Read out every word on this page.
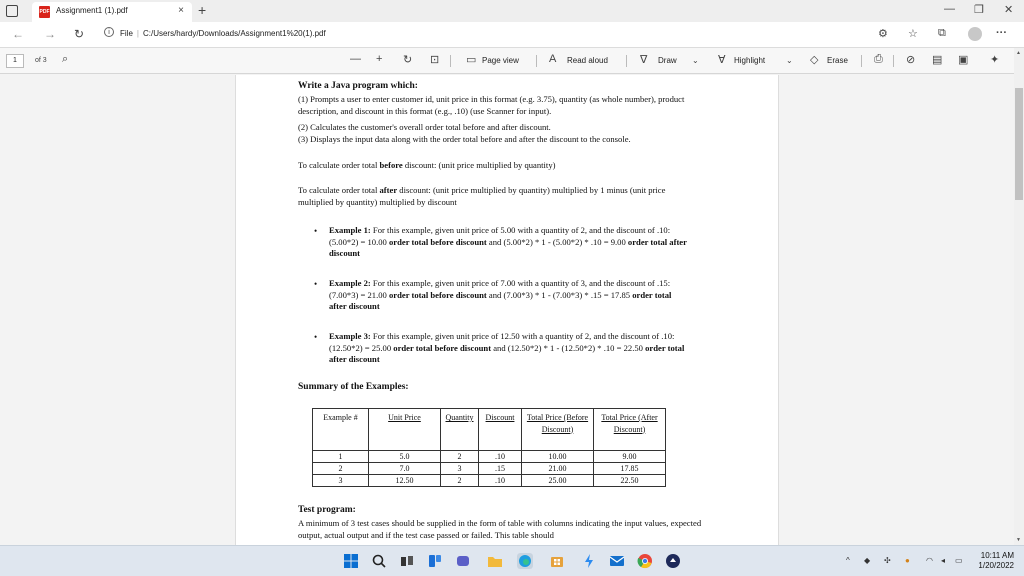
PDF Assignment1 (1).pdf	× +	— ❐ ✕
← → ↻	i	File | C:/Users/hardy/Downloads/Assignment1%20(1).pdf	⚙ ☆ ⧉	···
1	of 3 ⌕	— + ↻ ⊡ ▭ Page view	A Read aloud	∇ Draw ⌄ ∀ Highlight	⌄ ◇ Erase ⎙ ⊘ ▤ ▣ ✦

Write a Java program which:

(1) Prompts a user to enter customer id, unit price in this format (e.g. 3.75), quantity (as whole number), product description, and discount in this format (e.g., .10) (use Scanner for input).

(2) Calculates the customer's overall order total before and after discount.

(3) Displays the input data along with the order total before and after the discount to the console.

To calculate order total before discount: (unit price multiplied by quantity)

To calculate order total after discount: (unit price multiplied by quantity) multiplied by 1 minus (unit price multiplied by quantity) multiplied by discount

• Example 1: For this example, given unit price of 5.00 with a quantity of 2, and the discount of .10: (5.00*2) = 10.00 order total before discount and (5.00*2) * 1 - (5.00*2) * .10 = 9.00 order total after discount
• Example 2: For this example, given unit price of 7.00 with a quantity of 3, and the discount of .15: (7.00*3) = 21.00 order total before discount and (7.00*3) * 1 - (7.00*3) * .15 = 17.85 order total after discount
• Example 3: For this example, given unit price of 12.50 with a quantity of 2, and the discount of .10: (12.50*2) = 25.00 order total before discount and (12.50*2) * 1 - (12.50*2) * .10 = 22.50 order total after discount

Summary of the Examples:

Example #	Unit Price	Quantity	Discount	Total Price (Before Discount)	Total Price (After Discount)
1	5.0	2	.10	10.00	9.00
2	7.0	3	.15	21.00	17.85
3	12.50	2	.10	25.00	22.50

Test program:

A minimum of 3 test cases should be supplied in the form of table with columns indicating the input values, expected output, actual output and if the test case passed or failed. This table should

▲
▼
^ ◆ ✣ ● ◠ ◂ ▭
10:11 AM
1/20/2022
